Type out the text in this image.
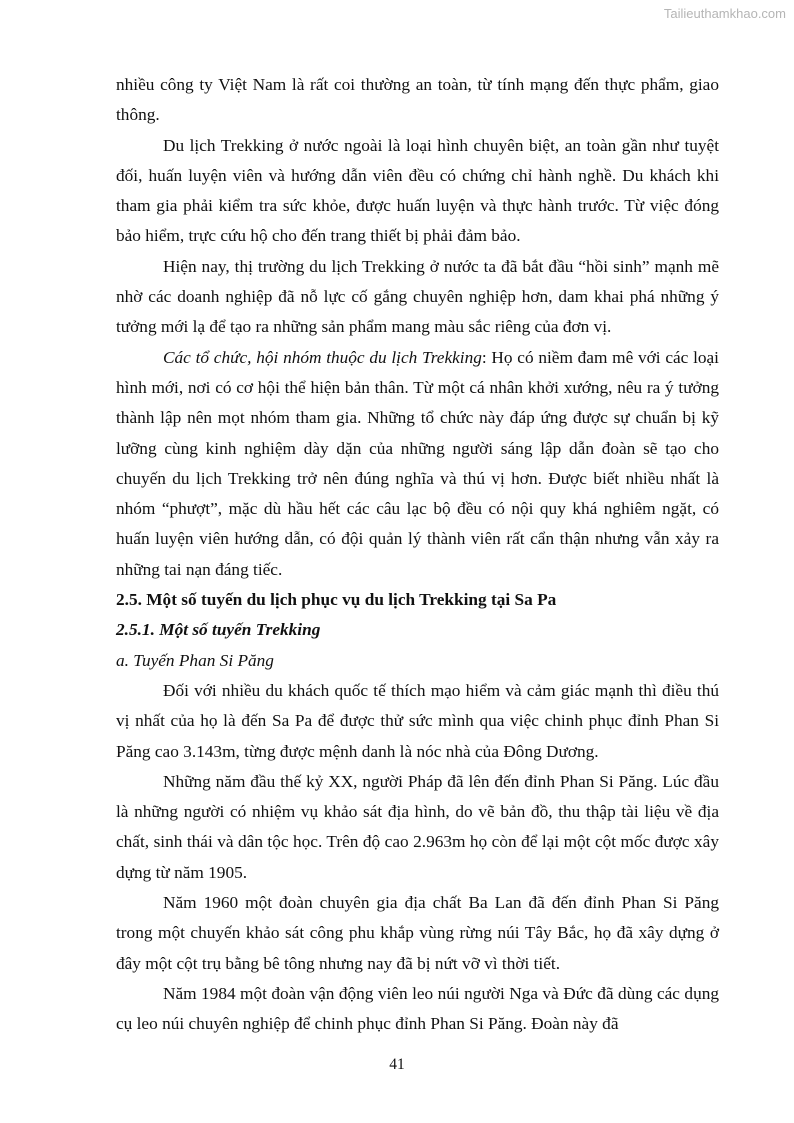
Tailieuthamkhao.com

nhiều công ty Việt Nam là rất coi thường an toàn, từ tính mạng đến thực phẩm, giao thông.

Du lịch Trekking ở nước ngoài là loại hình chuyên biệt, an toàn gần như tuyệt đối, huấn luyện viên và hướng dẫn viên đều có chứng chỉ hành nghề. Du khách khi tham gia phải kiểm tra sức khỏe, được huấn luyện và thực hành trước. Từ việc đóng bảo hiểm, trực cứu hộ cho đến trang thiết bị phải đảm bảo.

Hiện nay, thị trường du lịch Trekking ở nước ta đã bắt đầu “hồi sinh” mạnh mẽ nhờ các doanh nghiệp đã nỗ lực cố gắng chuyên nghiệp hơn, dam khai phá những ý tưởng mới lạ để tạo ra những sản phẩm mang màu sắc riêng của đơn vị.

Các tổ chức, hội nhóm thuộc du lịch Trekking: Họ có niềm đam mê với các loại hình mới, nơi có cơ hội thể hiện bản thân. Từ một cá nhân khởi xướng, nêu ra ý tưởng thành lập nên mọt nhóm tham gia. Những tổ chức này đáp ứng được sự chuẩn bị kỹ lưỡng cùng kinh nghiệm dày dặn của những người sáng lập dẫn đoàn sẽ tạo cho chuyến du lịch Trekking trở nên đúng nghĩa và thú vị hơn. Được biết nhiều nhất là nhóm “phượt”, mặc dù hầu hết các câu lạc bộ đều có nội quy khá nghiêm ngặt, có huấn luyện viên hướng dẫn, có đội quản lý thành viên rất cẩn thận nhưng vẫn xảy ra những tai nạn đáng tiếc.

2.5. Một số tuyến du lịch phục vụ du lịch Trekking tại Sa Pa
2.5.1. Một số tuyến Trekking
a. Tuyến Phan Si Păng

Đối với nhiều du khách quốc tế thích mạo hiểm và cảm giác mạnh thì điều thú vị nhất của họ là đến Sa Pa để được thử sức mình qua việc chinh phục đỉnh Phan Si Păng cao 3.143m, từng được mệnh danh là nóc nhà của Đông Dương.

Những năm đầu thế kỷ XX, người Pháp đã lên đến đỉnh Phan Si Păng. Lúc đầu là những người có nhiệm vụ khảo sát địa hình, do vẽ bản đồ, thu thập tài liệu về địa chất, sinh thái và dân tộc học. Trên độ cao 2.963m họ còn để lại một cột mốc được xây dựng từ năm 1905.

Năm 1960 một đoàn chuyên gia địa chất Ba Lan đã đến đỉnh Phan Si Păng trong một chuyến khảo sát công phu khắp vùng rừng núi Tây Bắc, họ đã xây dựng ở đây một cột trụ bằng bê tông nhưng nay đã bị nứt vỡ vì thời tiết.

Năm 1984 một đoàn vận động viên leo núi người Nga và Đức đã dùng các dụng cụ leo núi chuyên nghiệp để chinh phục đỉnh Phan Si Păng. Đoàn này đã

41
